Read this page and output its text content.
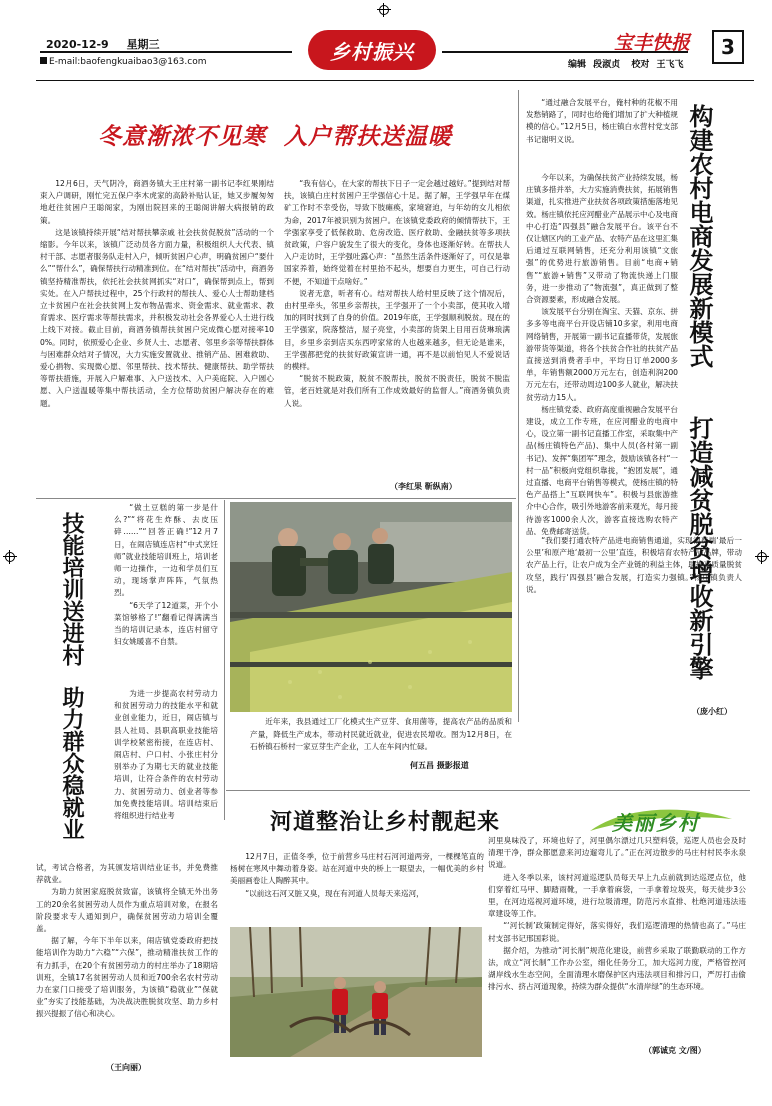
2020-12-9 星期三
E-mail:baofengkuaibao3@163.com	乡村振兴	宝丰快报 3
编辑 段淑贞 校对 王飞飞
冬意渐浓不见寒  入户帮扶送温暖

12月6日，天气阴冷，商酒务镇大王庄村第一副书记李红果刚结束入户调研，刚忙完五保户李木虎家的高龄补贴认证，她又步履匆匆地赶往贫困户王聪阁家，为刚出院回来的王聪阁讲解大病报销的政策。

这是该镇持续开展“结对帮扶攀亲戚 社会扶贫促脱贫”活动的一个缩影。今年以来，该镇广泛动员各方面力量，积极组织人大代表、镇村干部、志愿者服务队走村入户，倾听贫困户心声，明确贫困户“要什么”“帮什么”，确保帮扶行动精准到位。在“结对帮扶”活动中，商酒务镇坚持精准帮扶，依托社会扶贫网抓实“对口”，确保帮到点上，帮到实处。在入户帮扶过程中，25个行政村的帮扶人、爱心人士帮助建档立卡贫困户在社会扶贫网上发布物品需求、资金需求、就业需求、教育需求、医疗需求等帮扶需求，并积极发动社会各界爱心人士进行线上线下对接。截止目前，商酒务镇帮扶贫困户完成微心愿对接率100%。同时，依照爱心企业、乡贤人士、志愿者、邻里乡亲等帮扶群体与困难群众结对子情况，大力实施安置就业、推销产品、困难救助、爱心捐物、实现微心愿、邻里帮扶、技术帮扶、健康帮扶、助学帮扶等帮扶措施，开展入户解难事、入户送技术、入户美庭院、入户圆心愿、入户送温暖等集中帮扶活动，全方位帮助贫困户解决存在的难题。

“我有信心，在大家的帮扶下日子一定会越过越好。”提到结对帮扶，该镇白庄村贫困户王学强信心十足。据了解，王学强早年在煤矿工作时不幸受伤，导致下肢瘫痪，家境窘迫，与年幼的女儿相依为命，2017年被识别为贫困户。在该镇党委政府的倾情帮扶下，王学强家享受了低保救助、危房改造、医疗救助、金融扶贫等多项扶贫政策，户容户貌发生了很大的变化，身体也逐渐好转。在帮扶人入户走访时，王学强吐露心声：“虽然生活条件逐渐好了，可仅是靠国家养着，始终觉着在村里抬不起头，想要自力更生，可自己行动不便，不知道干点啥好。”

说者无意，听者有心。结对帮扶人给村里反映了这个情况后，由村里牵头，邻里乡亲帮扶，王学强开了一个小卖部，使其收入增加的同时找到了自身的价值。2019年底，王学强顺利脱贫。现在的王学强家，院落整洁，屋子亮堂，小卖部的货架上目用百货琳琅满目，乡里乡亲到店买东西哼家常的人也越来越多，但无论是谁来，王学强都把党的扶贫好政策宣讲一通，再不是以前怕见人不爱说话的模样。

“脱贫不脱政策，脱贫不脱帮扶，脱贫不脱责任，脱贫不脱监管，老百姓就是对我们所有工作成效最好的监督人。”商酒务镇负责人说。

（李红果 靳纵南）

“通过融合发展平台，俺村种的花椒不用发愁销路了，同时也给俺们增加了扩大种植规模的信心。”12月5日，杨庄镇白水营村党支部书记谢明义说。	构建农村电商发展新模式
打造减贫脱贫增收新引擎

今年以来，为确保扶贫产业持续发展，杨庄镇多措并举，大力实施消费扶贫，拓展销售渠道，扎实推进产业扶贫各项政策措施落地见效。杨庄镇依托应河醋业产品展示中心及电商中心打造“四强县”融合发展平台。该平台不仅让辖区内的工业产品、农特产品在这里汇集后通过互联网销售，还充分利用该镇“文旅强”的优势进行旅游销售。目前“电商+销售”“旅游+销售”又带动了物流快递上门服务，进一步推动了“物流强”，真正做到了整合资源要素，形成融合发展。

该发展平台分别在淘宝、天猫、京东、拼多多等电商平台开设店铺10多家，利用电商网络销售，开展第一副书记直播带货，发展旅游带货等渠道，将各个扶贫合作社的扶贫产品直接送到消费者手中，平均日订单2000多单，年销售额2000万元左右，创造利润200万元左右，还带动周边100多人就业，解决扶贫劳动力15人。

杨庄镇党委、政府高度重视融合发展平台建设，成立工作专班，在应河醋业的电商中心，设立第一副书记直播工作室，采取集中产品(杨庄镇特色产品)、集中人员(各村第一副书记)、发挥“集团军”理念，鼓励该镇各村“一村一品”积极向党组织靠拢，“抱团发展”，通过直播、电商平台销售等模式，使杨庄镇的特色产品搭上“互联网快车”。积极与县旅游推介中心合作，吸引外地游客前来观光，每月接待游客1000余人次，游客直接选购农特产品，免费邮寄送货。

“我们要打通农特产品进电商销售通道，实现消费端‘最后一公里’和原产地‘最初一公里’直连，积极培育农特产品品牌，带动农产品上行，让农户成为全产业链的利益主体，助推高质量脱贫攻坚，践行‘四强县’融合发展，打造实力强镇。”杨庄镇负责人说。

（庞小红）
技能培训送进村
助力群众稳就业

“做土豆糕的第一步是什么?”“将花生炸酥、去皮压碎……”“回答正确!”12月7日，在闹店镇连店村“中式烹饪师”就业技能培训班上，培训老师一边操作，一边和学员们互动，现场掌声阵阵，气氛热烈。

“6天学了12道菜，开个小菜馆够格了!”翻看记得满满当当的培训记录本，连店村留守妇女姚暖喜不自禁。

为进一步提高农村劳动力和贫困劳动力的技能水平和就业创业能力，近日，闹店镇与县人社局、县职高职业技能培训学校紧密衔接，在连店村、闹店村、户口村、小张庄村分别举办了为期七天的就业技能培训，让符合条件的农村劳动力、贫困劳动力、创业者等参加免费技能培训。培训结束后将组织进行结业考

试，考试合格者，为其颁发培训结业证书，并免费推荐就业。

为助力贫困家庭脱贫致富，该镇将全镇无外出务工的20余名贫困劳动人员作为重点培训对象，在报名阶段要求专人通知到户，确保贫困劳动力培训全覆盖。

据了解，今年下半年以来，闹店镇党委政府把技能培训作为助力“六稳”“六保”，推动精准扶贫工作的有力抓手，在20个有贫困劳动力的村庄举办了18期培训班，全镇17名贫困劳动人员和近700余名农村劳动力在家门口接受了培训服务，为该镇“稳就业”“保就业”夯实了技能基础，为决战决胜脱贫攻坚、助力乡村振兴提振了信心和决心。

（王向丽）

近年来，我县通过工厂化模式生产豆芽、食用菌等，提高农产品的品质和产量，降低生产成本，带动村民就近就业，促进农民增收。图为12月8日，在石桥镇石桥村一家豆芽生产企业，工人在车间内忙碌。

何五昌 摄影报道
河道整治让乡村靓起来	美丽乡村

12月7日，正值冬季，位于前营乡马庄村石河河道两旁，一棵棵笔直的杨树在寒风中舞动着身姿。站在河道中央的桥上一眼望去，一幅优美的乡村美丽画卷让人陶醉其中。

“以前这石河又脏又臭，现在有河道人员每天来巡河，

河里臭味没了，环境也好了，河里偶尔漂过几只塑料袋，巡逻人员也会及时清理干净，群众都愿意来河边遛弯儿了。”正在河边散步的马庄村村民李永泉说道。

进入冬季以来，该村河道巡逻队员每天早上九点前就到达巡逻点位，他们穿着红马甲、脚踏雨靴，一手拿着麻袋，一手拿着垃圾夹，每天徒步3公里，在河边巡视河道环境，进行垃圾清理，防范污水直排、杜绝河道违法违章建设等工作。

“‘河长制’政策制定得好，落实得好，我们巡逻清理的热情也高了。”马庄村支部书记邢国彩说。

据介绍，为推动“河长制”规范化建设，前营乡采取了联勤联动的工作方法，成立“河长制”工作办公室，细化任务分工，加大巡河力度，严格管控河湖岸线水生态空间，全面清理水磨保护区内违法项目和排污口，严厉打击偷排污水、挤占河道现象，持续为群众提供“水清岸绿”的生态环境。

（郭诚克 文/图）
